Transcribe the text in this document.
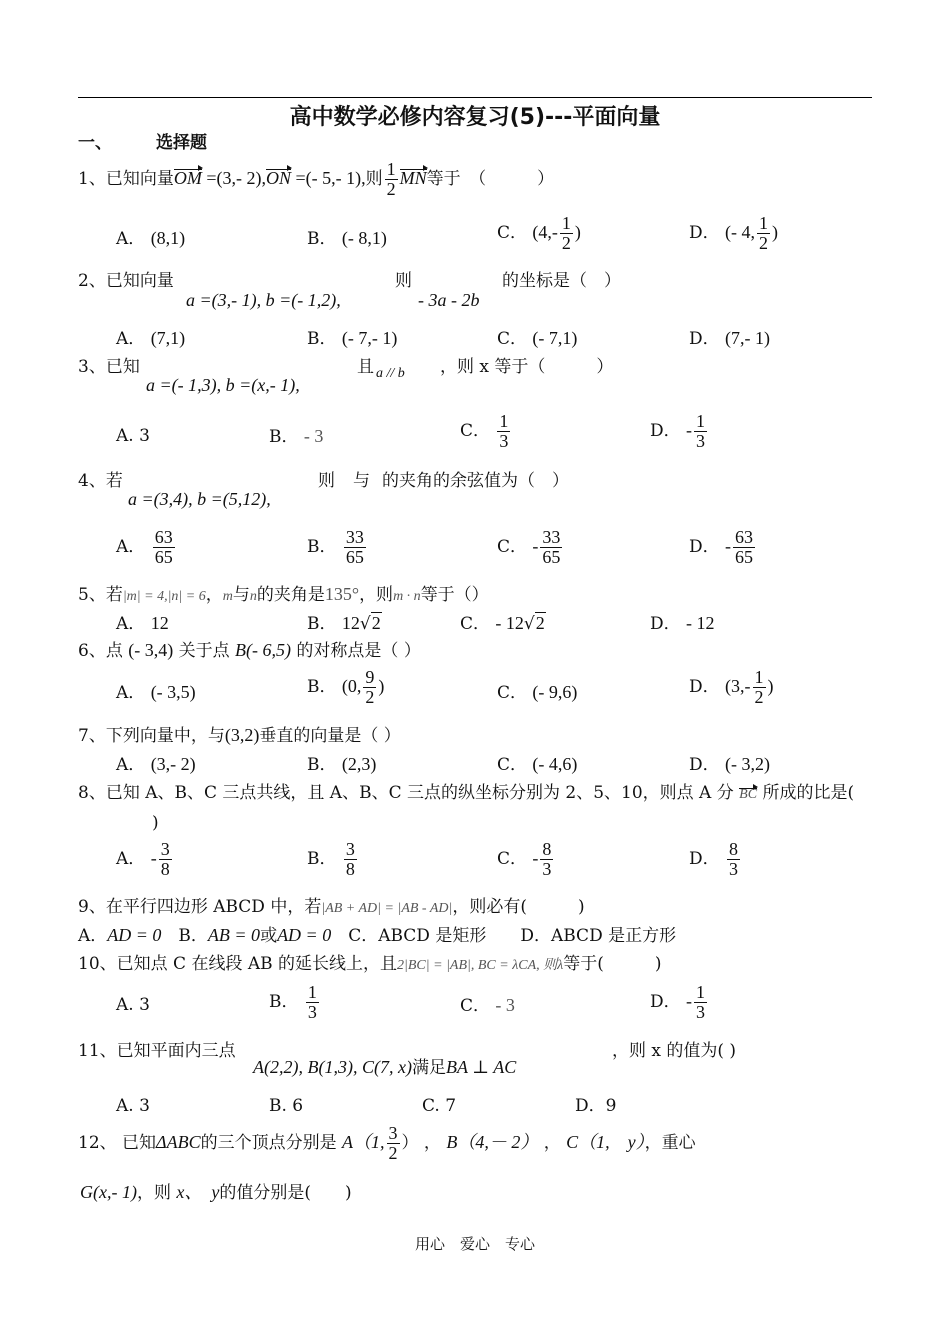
高中数学必修内容复习(5)---平面向量
一、	选择题
1、已知向量OM =(3,- 2),ON =(- 5,- 1),则 $\frac{1}{2}$ MN等于　（　　　）
A． (8,1)	B． (- 8,1)	C． ($4,- \frac{1}{2}$ )	D． (- 4, $\frac{1}{2}$ )
2、已知向量
a =(3,- 1), b =(- 1,2),
则
- 3a - 2b
的坐标是（　）
A． (7,1)	B． (- 7,- 1)	C． (- 7,1)	D． (7,- 1)
3、已知
a =(- 1,3), b =(x,- 1),
且 a // b ，则 x 等于（　　　）
A. 3	B． - 3	C． $\frac{1}{3}$	D． - $\frac{1}{3}$
4、若
a =(3,4), b =(5,12),
则 与 的夹角的余弦值为（　）
A． $\frac{63}{65}$	B． $\frac{33}{65}$	C． - $\frac{33}{65}$	D． - $\frac{63}{65}$
5、若|m| = 4,|n| = 6，m与n的夹角是135°，则m · n等于（）
A． 12	B． 12√2	C． - 12√2	D． - 12
6、点 (- 3,4) 关于点 B(- 6,5) 的对称点是（ ）
A． (- 3,5)	B． (0, $\frac{9}{2}$ )	C． (- 9,6)	D． ($3,- \frac{1}{2}$ )
7、下列向量中，与(3,2)垂直的向量是（ ）
A． (3,- 2)	B． (2,3)	C． (- 4,6)	D． (- 3,2)
8、已知 A、B、C 三点共线，且 A、B、C 三点的纵坐标分别为 2、5、10，则点 A 分 BC 所成的比是(
)
A． - $\frac{3}{8}$	B． $\frac{3}{8}$	C． - $\frac{8}{3}$	D． $\frac{8}{3}$
9、在平行四边形 ABCD 中，若|AB + AD| = |AB - AD|，则必有(　　　)
A．AD = 0　 B．AB = 0或AD = 0　 C．ABCD 是矩形　　 D．ABCD 是正方形
10、已知点 C 在线段 AB 的延长线上，且2|BC| = |AB|, BC = λCA, 则λ等于(　　　)
A. 3	B． $\frac{1}{3}$	C． - 3	D． - $\frac{1}{3}$
11、已知平面内三点
A(2,2), B(1,3), C(7, x)满足BA ⊥ AC
，则 x 的值为( )
A. 3	B. 6	C. 7	D．9
12、 已知ΔABC的三个顶点分别是 A（1, $\frac{3}{2}$ ） ， B（4,－ 2） ， C（1,　y），重心
G(x,- 1)，则 x、　y的值分别是(　　)
用心　爱心　专心
